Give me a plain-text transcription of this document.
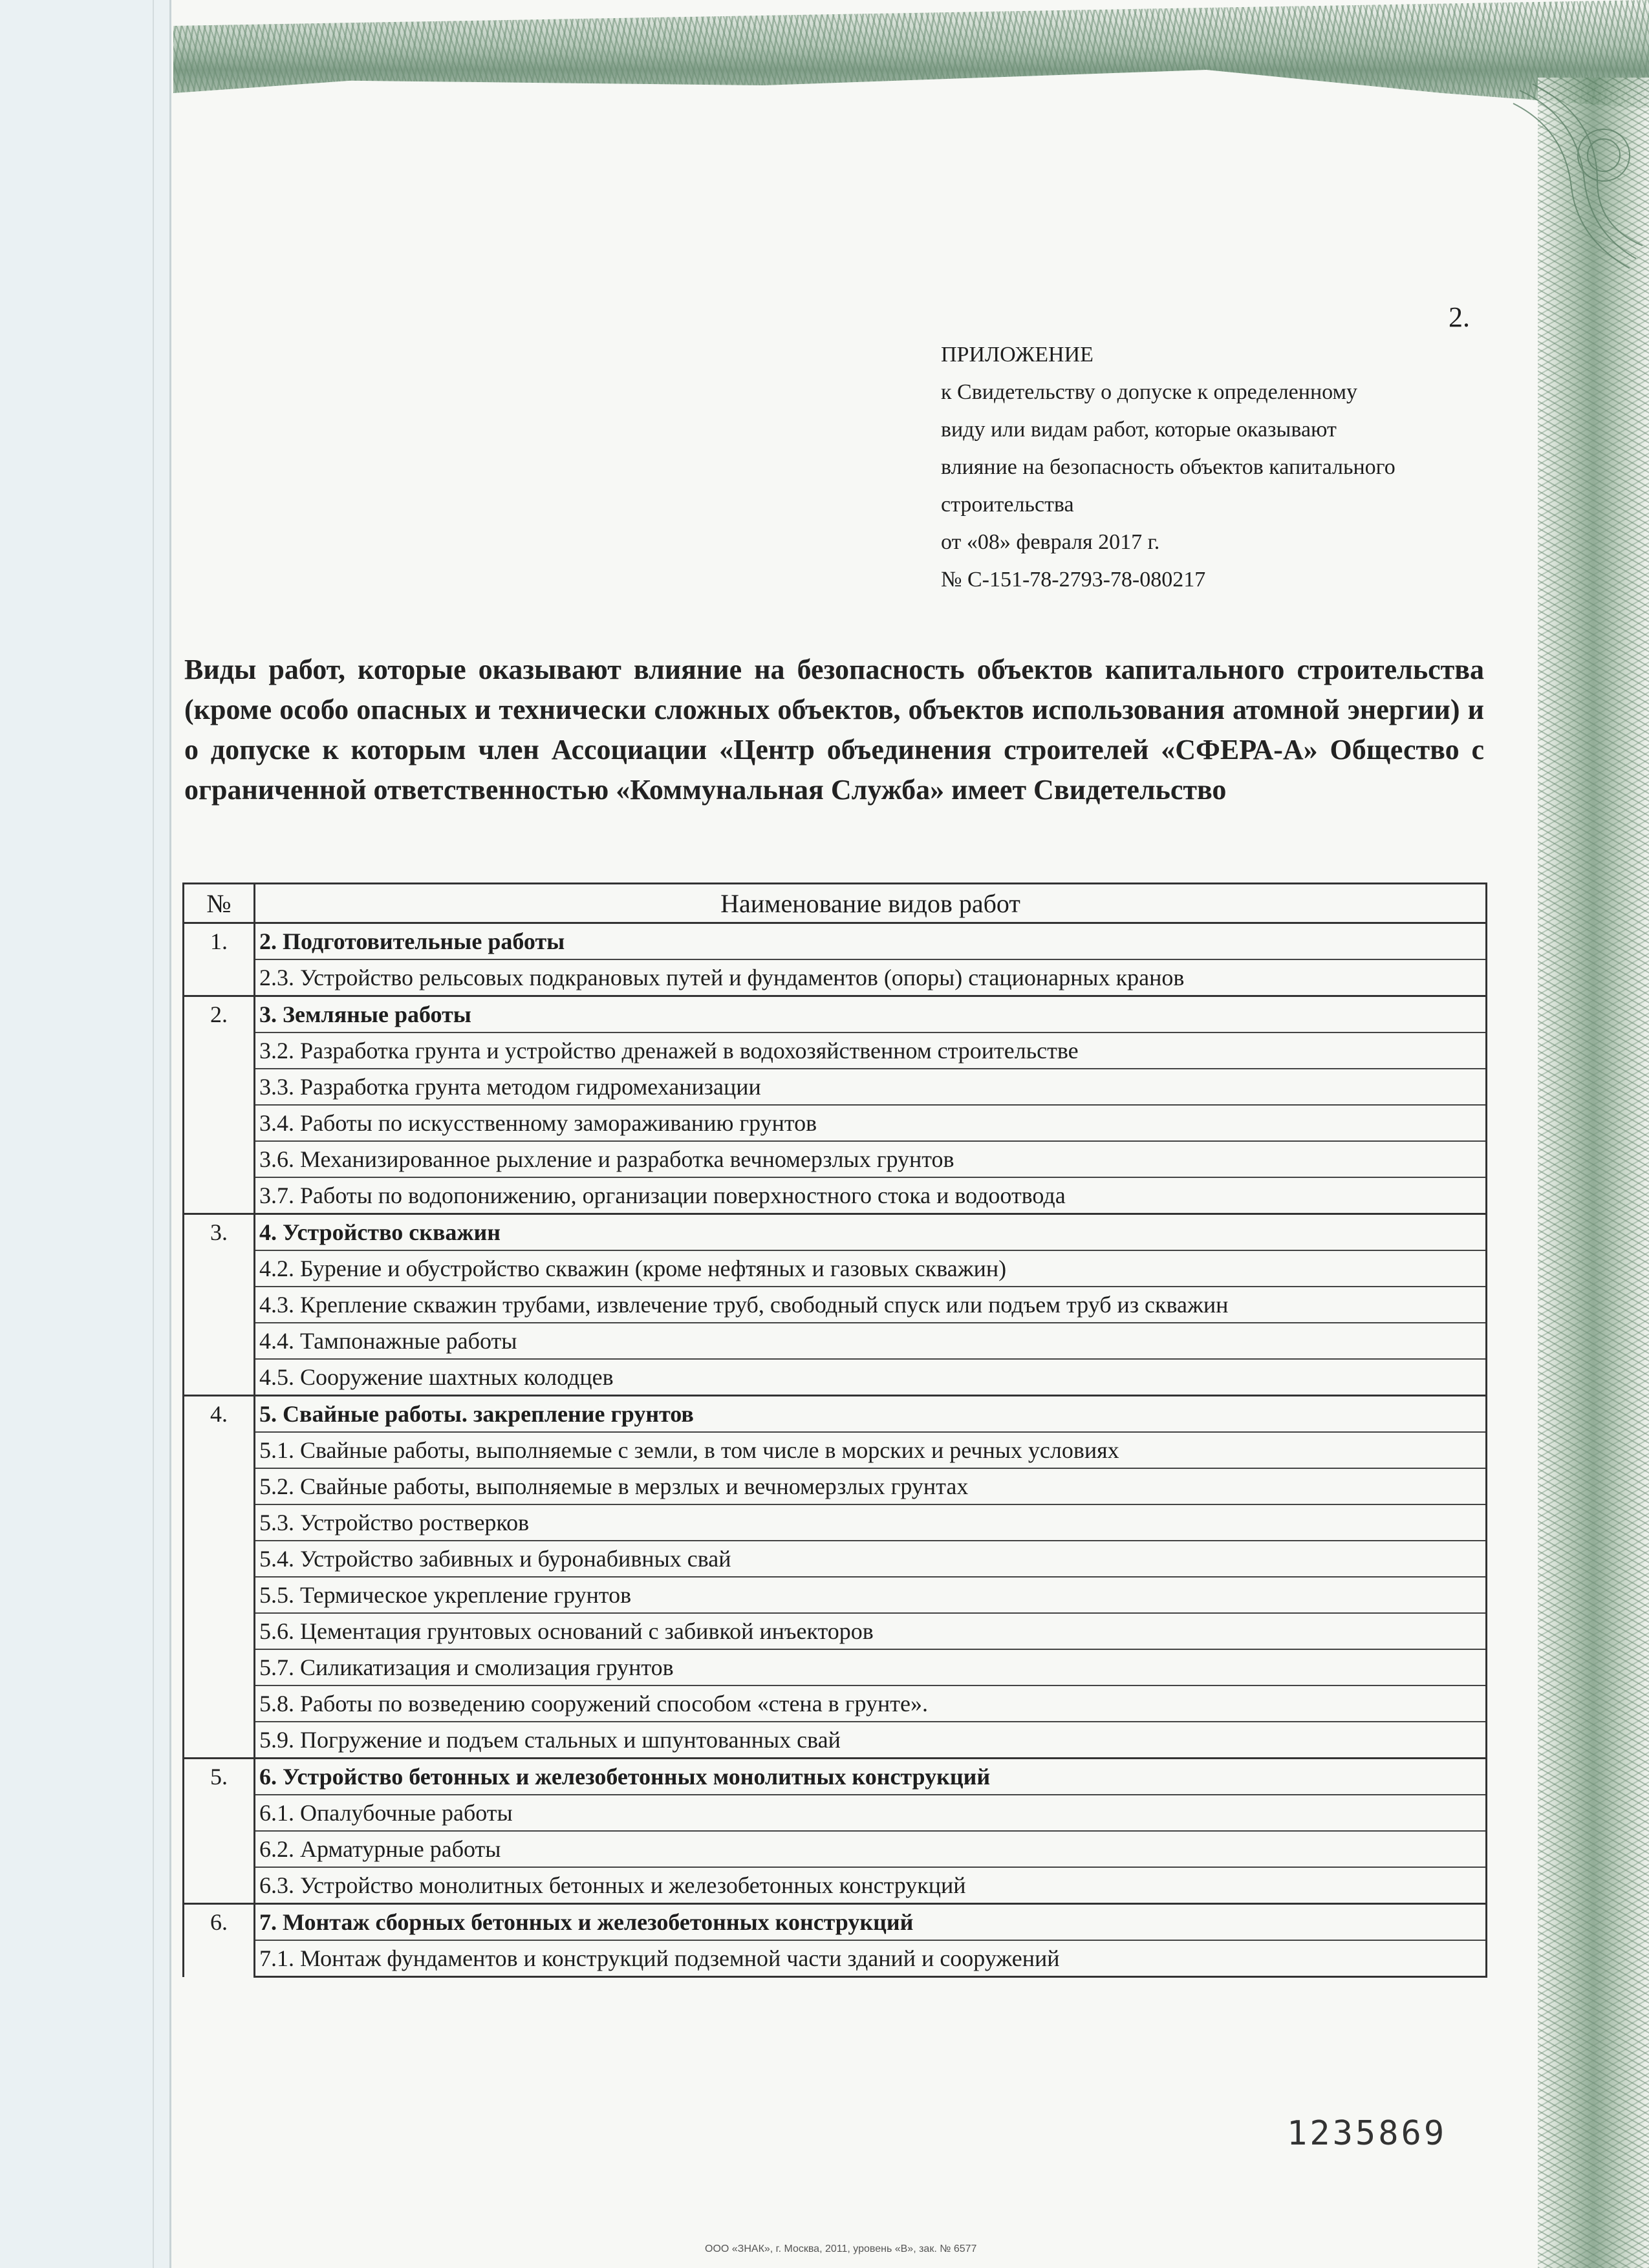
2.
ПРИЛОЖЕНИЕ
к Свидетельству о допуске к определенному
виду или видам работ, которые оказывают
влияние на безопасность объектов капитального
строительства
от «08» февраля 2017 г.
№ С-151-78-2793-78-080217
Виды работ, которые оказывают влияние на безопасность объектов капитального строительства (кроме особо опасных и технически сложных объектов, объектов использования атомной энергии) и о допуске к которым член Ассоциации «Центр объединения строителей «СФЕРА-А» Общество с ограниченной ответственностью «Коммунальная Служба» имеет Свидетельство
№	Наименование видов работ
1.	2. Подготовительные работы
	2.3. Устройство рельсовых подкрановых путей и фундаментов (опоры) стационарных кранов
2.	3. Земляные работы
	3.2. Разработка грунта и устройство дренажей в водохозяйственном строительстве
	3.3. Разработка грунта методом гидромеханизации
	3.4. Работы по искусственному замораживанию грунтов
	3.6. Механизированное рыхление и разработка вечномерзлых грунтов
	3.7. Работы по водопонижению, организации поверхностного стока и водоотвода
3.	4. Устройство скважин
	4.2. Бурение и обустройство скважин (кроме нефтяных и газовых скважин)
	4.3. Крепление скважин трубами, извлечение труб, свободный спуск или подъем труб из скважин
	4.4. Тампонажные работы
	4.5. Сооружение шахтных колодцев
4.	5. Свайные работы. закрепление грунтов
	5.1. Свайные работы, выполняемые с земли, в том числе в морских и речных условиях
	5.2. Свайные работы, выполняемые в мерзлых и вечномерзлых грунтах
	5.3. Устройство ростверков
	5.4. Устройство забивных и буронабивных свай
	5.5. Термическое укрепление грунтов
	5.6. Цементация грунтовых оснований с забивкой инъекторов
	5.7. Силикатизация и смолизация грунтов
	5.8. Работы по возведению сооружений способом «стена в грунте».
	5.9. Погружение и подъем стальных и шпунтованных свай
5.	6. Устройство бетонных и железобетонных монолитных конструкций
	6.1. Опалубочные работы
	6.2. Арматурные работы
	6.3. Устройство монолитных бетонных и железобетонных конструкций
6.	7. Монтаж сборных бетонных и железобетонных конструкций
	7.1. Монтаж фундаментов и конструкций подземной части зданий и сооружений
1235869
ООО «ЗНАК», г. Москва, 2011, уровень «В», зак. № 6577
